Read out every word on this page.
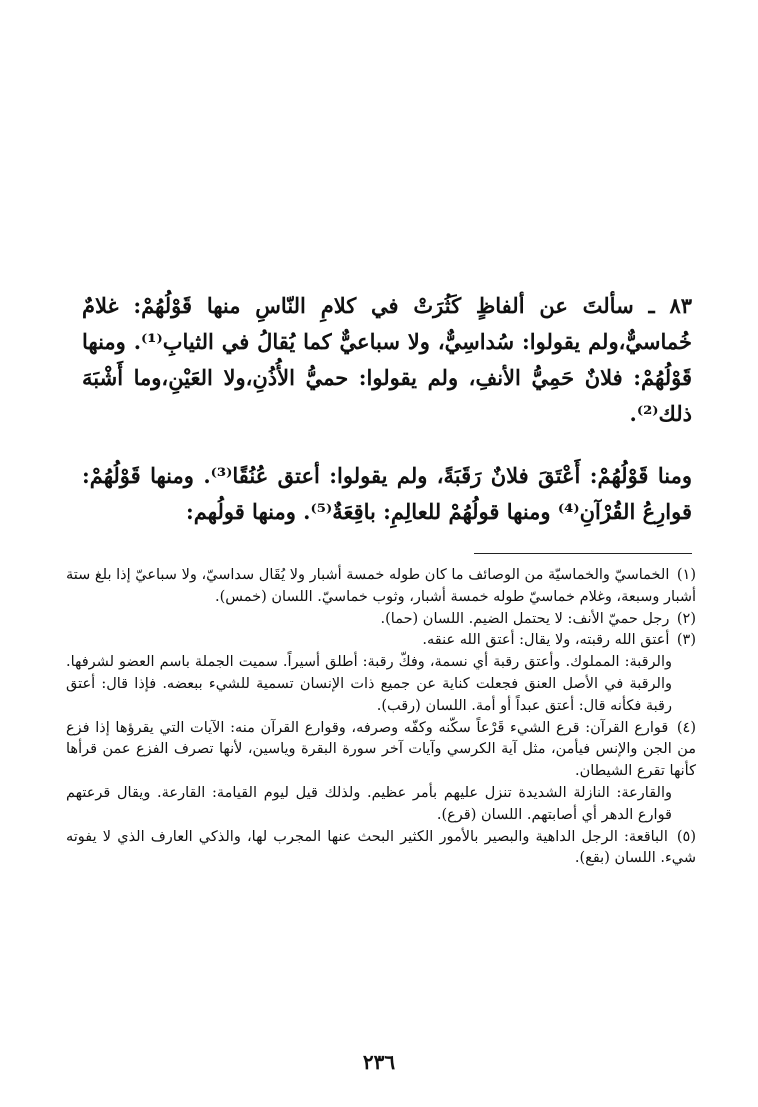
٨٣ ـ سألتَ عن ألفاظٍ كَثُرَتْ في كلامِ النّاسِ منها قَوْلُهُمْ: غلامٌ خُماسيٌّ،ولم يقولوا: سُداسِيٌّ، ولا سباعيٌّ كما يُقالُ في الثيابِ⁽¹⁾. ومنها قَوْلُهُمْ: فلانٌ حَمِيُّ الأنفِ، ولم يقولوا: حميُّ الأُذُنِ،ولا العَيْنِ،وما أَشْبَهَ ذلك⁽²⁾.

ومنا قَوْلُهُمْ: أَعْتَقَ فلانٌ رَقَبَةً، ولم يقولوا: أعتق عُنُقًا⁽³⁾. ومنها قَوْلُهُمْ: قوارِعُ القُرْآنِ⁽⁴⁾ ومنها قولُهُمْ للعالِمِ: باقِعَةٌ⁽⁵⁾. ومنها قولُهم:

(١) الخماسيّ والخماسيّة من الوصائف ما كان طوله خمسة أشبار ولا يُقَال سداسيّ، ولا سباعيّ إذا بلغ ستة أشبار وسبعة، وغلام خماسيّ طوله خمسة أشبار، وثوب خماسيّ. اللسان (خمس).

(٢) رجل حميّ الأنف: لا يحتمل الضيم. اللسان (حما).

(٣) أعتق الله رقبته، ولا يقال: أعتق الله عنقه.

والرقبة: المملوك. وأعتق رقبة أي نسمة، وفكّ رقبة: أطلق أسيراً. سميت الجملة باسم العضو لشرفها. والرقبة في الأصل العنق فجعلت كناية عن جميع ذات الإنسان تسمية للشيء ببعضه. فإذا قال: أعتق رقبة فكأنه قال: أعتق عبداً أو أمة. اللسان (رقب).

(٤) قوارع القرآن: قرع الشيء قَرْعاً سكّنه وكفّه وصرفه، وقوارع القرآن منه: الآيات التي يقرؤها إذا فزع من الجن والإنس فيأمن، مثل آية الكرسي وآيات آخر سورة البقرة وياسين، لأنها تصرف الفزع عمن قرأها كأنها تقرع الشيطان.

والقارعة: النازلة الشديدة تنزل عليهم بأمر عظيم. ولذلك قيل ليوم القيامة: القارعة. ويقال قرعتهم قوارع الدهر أي أصابتهم. اللسان (قرع).

(٥) الباقعة: الرجل الداهية والبصير بالأمور الكثير البحث عنها المجرب لها، والذكي العارف الذي لا يفوته شيء. اللسان (بقع).

٢٣٦
